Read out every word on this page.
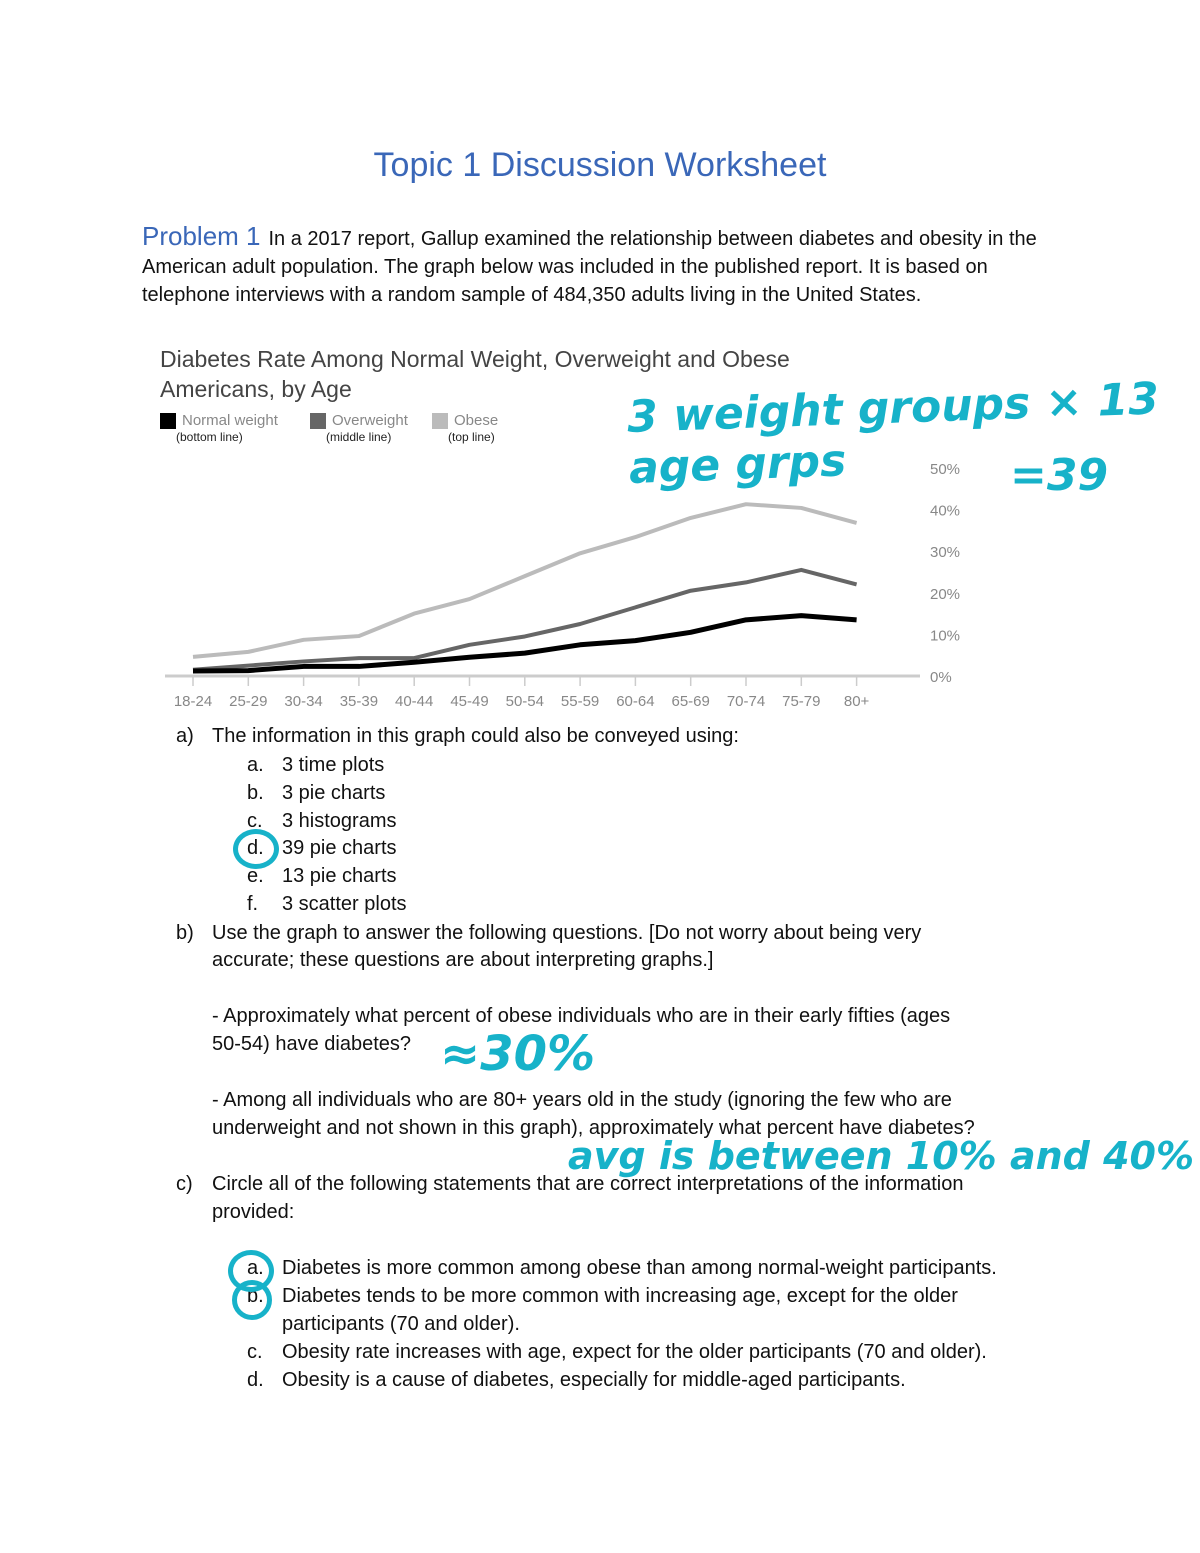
Topic 1 Discussion Worksheet
Problem 1 In a 2017 report, Gallup examined the relationship between diabetes and obesity in the American adult population. The graph below was included in the published report. It is based on telephone interviews with a random sample of 484,350 adults living in the United States.
Diabetes Rate Among Normal Weight, Overweight and Obese Americans, by Age
Normal weight
(bottom line)
Overweight
(middle line)
Obese
(top line)
18-24 25-29 30-34 35-39 40-44 45-49 50-54 55-59 60-64 65-69 70-74 75-79 80+
0%
10%
20%
30%
40%
50%
3 weight groups × 13 age grps	=39
a) The information in this graph could also be conveyed using:
a. 3 time plots
b. 3 pie charts
c. 3 histograms
d. 39 pie charts
e. 13 pie charts
f. 3 scatter plots
b) Use the graph to answer the following questions. [Do not worry about being very
accurate; these questions are about interpreting graphs.]
- Approximately what percent of obese individuals who are in their early fifties (ages
50-54) have diabetes? ≈30%
- Among all individuals who are 80+ years old in the study (ignoring the few who are
underweight and not shown in this graph), approximately what percent have diabetes?
avg is between 10% and 40%
c) Circle all of the following statements that are correct interpretations of the information
provided:
a. Diabetes is more common among obese than among normal-weight participants.
b. Diabetes tends to be more common with increasing age, except for the older
participants (70 and older).
c. Obesity rate increases with age, expect for the older participants (70 and older).
d. Obesity is a cause of diabetes, especially for middle-aged participants.
